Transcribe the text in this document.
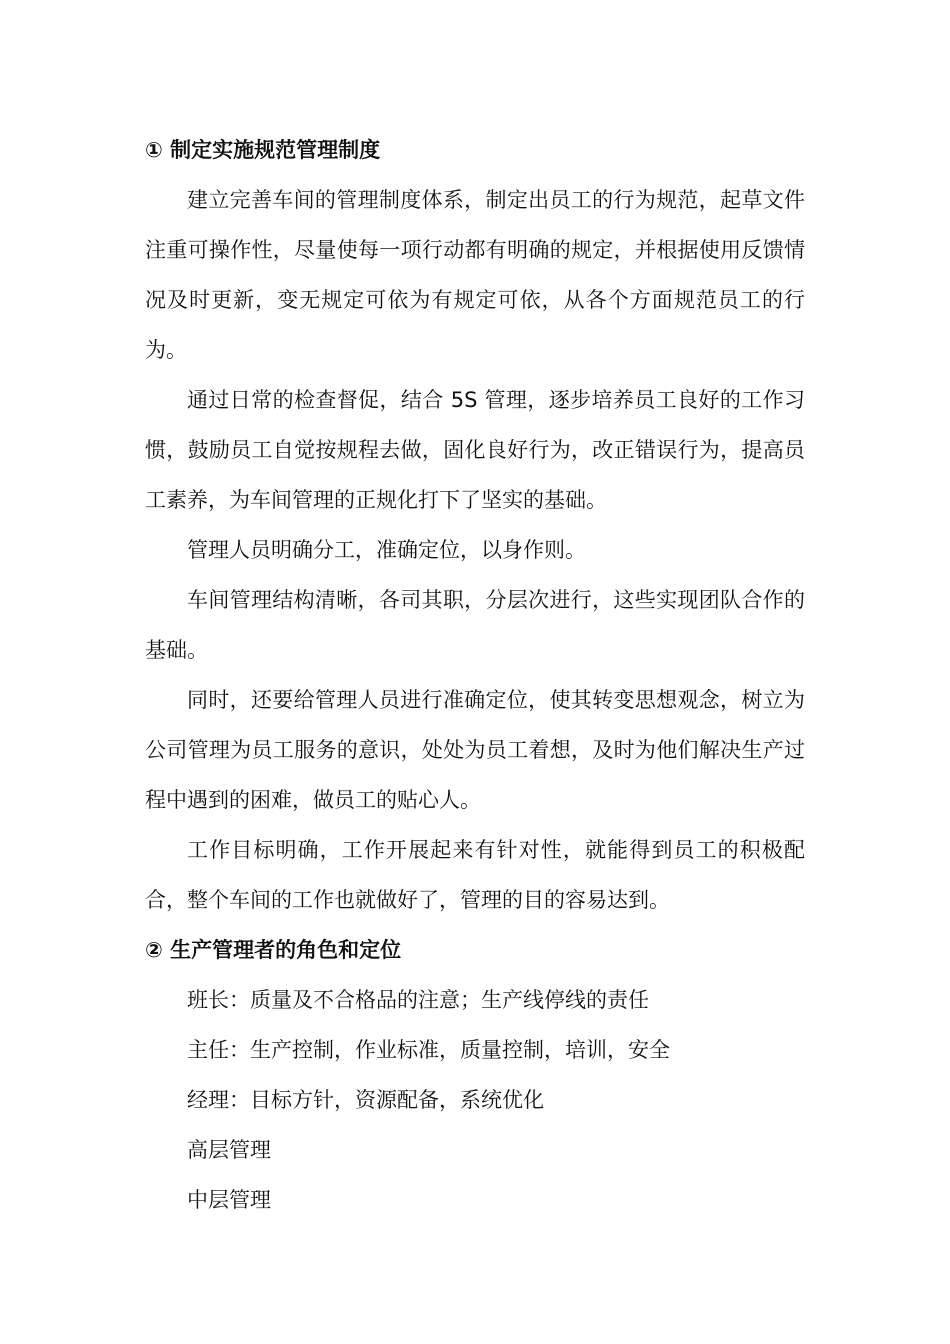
① 制定实施规范管理制度

建立完善车间的管理制度体系，制定出员工的行为规范，起草文件注重可操作性，尽量使每一项行动都有明确的规定，并根据使用反馈情况及时更新，变无规定可依为有规定可依，从各个方面规范员工的行为。

通过日常的检查督促，结合 5S 管理，逐步培养员工良好的工作习惯，鼓励员工自觉按规程去做，固化良好行为，改正错误行为，提高员工素养，为车间管理的正规化打下了坚实的基础。

管理人员明确分工，准确定位，以身作则。

车间管理结构清晰，各司其职，分层次进行，这些实现团队合作的基础。

同时，还要给管理人员进行准确定位，使其转变思想观念，树立为公司管理为员工服务的意识，处处为员工着想，及时为他们解决生产过程中遇到的困难，做员工的贴心人。

工作目标明确，工作开展起来有针对性，就能得到员工的积极配合，整个车间的工作也就做好了，管理的目的容易达到。

② 生产管理者的角色和定位

班长：质量及不合格品的注意；生产线停线的责任

主任：生产控制，作业标准，质量控制，培训，安全

经理：目标方针，资源配备，系统优化

高层管理

中层管理
